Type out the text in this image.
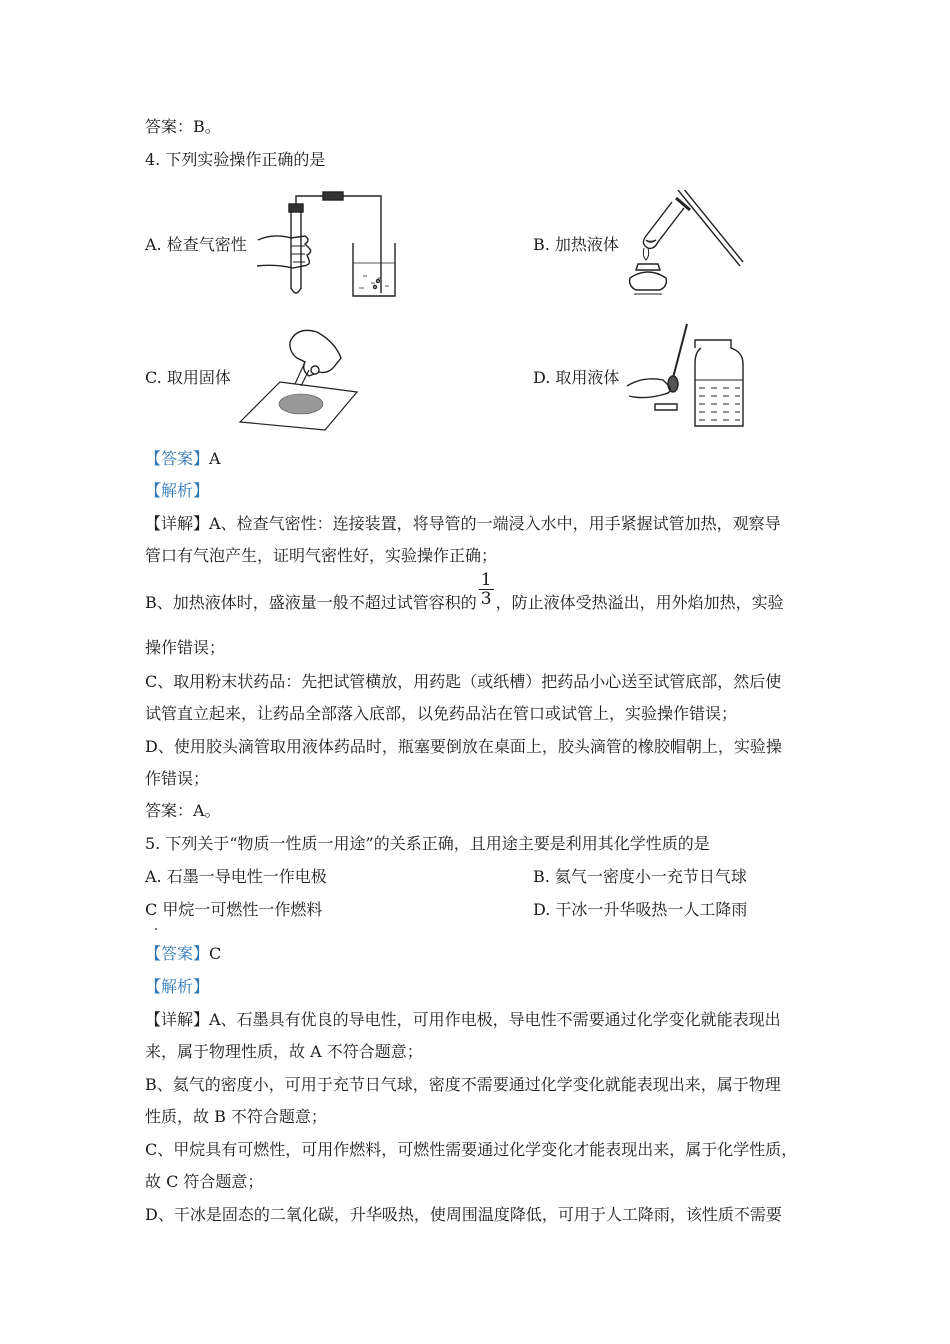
答案：B。
4. 下列实验操作正确的是
A. 检查气密性	B. 加热液体
C. 取用固体	D. 取用液体
【答案】A
【解析】
【详解】A、检查气密性：连接装置，将导管的一端浸入水中，用手紧握试管加热，观察导
管口有气泡产生，证明气密性好，实验操作正确；
B、加热液体时，盛液量一般不超过试管容积的 $\frac{1}{3}$ ，防止液体受热溢出，用外焰加热，实验
操作错误；
C、取用粉末状药品：先把试管横放，用药匙（或纸槽）把药品小心送至试管底部，然后使
试管直立起来，让药品全部落入底部，以免药品沾在管口或试管上，实验操作错误；
D、使用胶头滴管取用液体药品时，瓶塞要倒放在桌面上，胶头滴管的橡胶帽朝上，实验操
作错误；
答案：A。
5. 下列关于“物质一性质一用途”的关系正确，且用途主要是利用其化学性质的是
A. 石墨一导电性一作电极	B. 氦气一密度小一充节日气球
C 甲烷一可燃性一作燃料	D. 干冰一升华吸热一人工降雨
【答案】C
【解析】
【详解】A、石墨具有优良的导电性，可用作电极，导电性不需要通过化学变化就能表现出
来，属于物理性质，故 A 不符合题意；
B、氦气的密度小，可用于充节日气球，密度不需要通过化学变化就能表现出来，属于物理
性质，故 B 不符合题意；
C、甲烷具有可燃性，可用作燃料，可燃性需要通过化学变化才能表现出来，属于化学性质，
故 C 符合题意；
D、干冰是固态的二氧化碳，升华吸热，使周围温度降低，可用于人工降雨，该性质不需要
